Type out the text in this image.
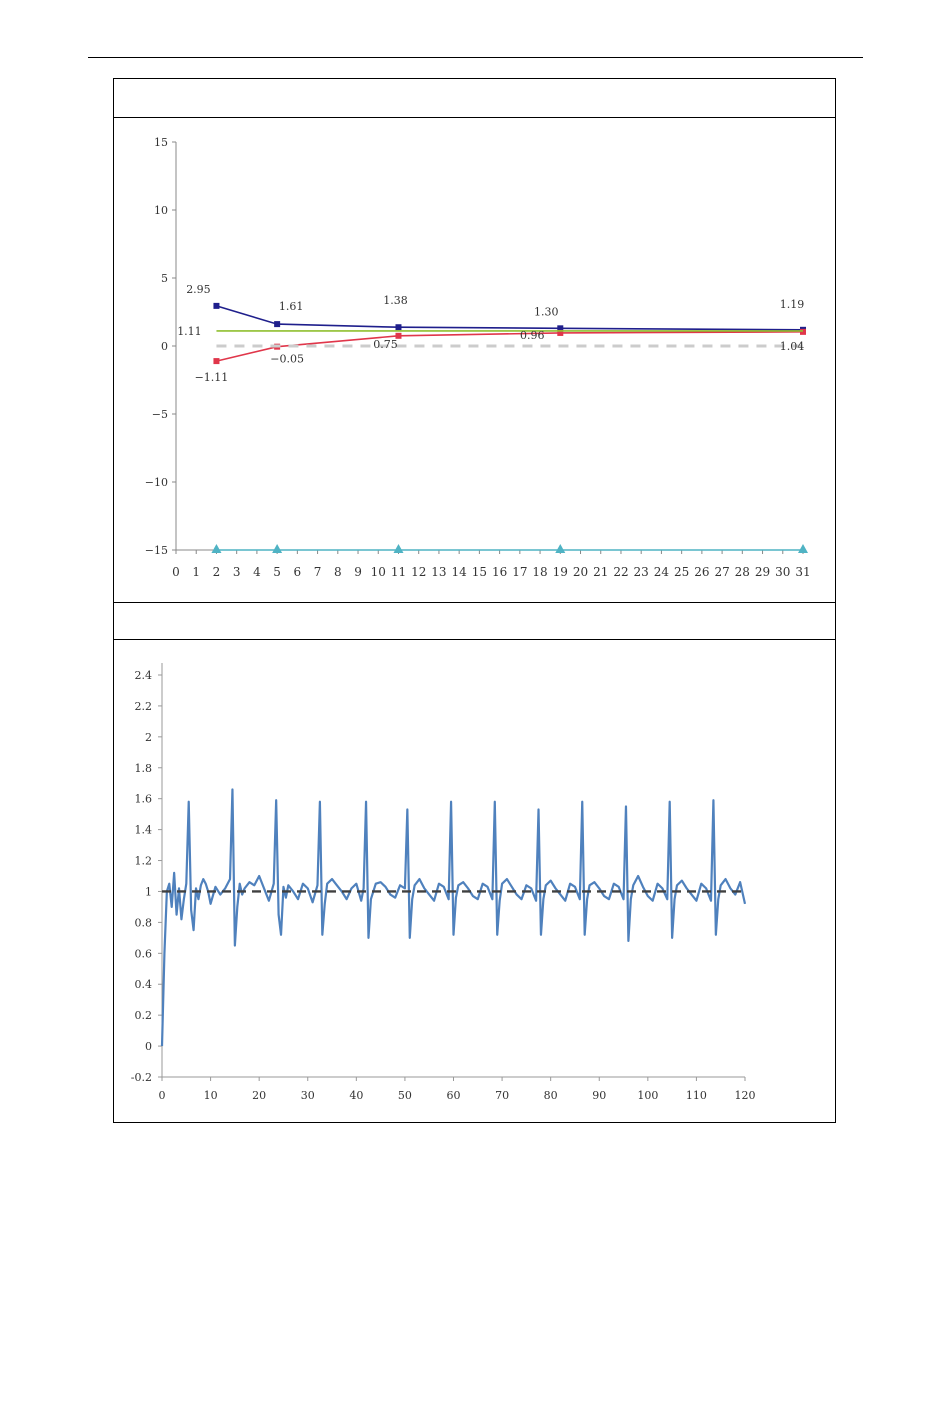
15
10
5
0
−5
−10
−15
0 1 2 3 4 5 6 7 8 9 10 11 12 13 14 15 16 17 18 19 20 21 22 23 24 25 26 27 28 29 30 31
2.95
1.61	1.38
1.30
1.19
1.11
−1.11
−0.05
0.75
0.96
1.04
2.4
2.2
2
1.8
1.6
1.4
1.2
1
0.8
0.6
0.4
0.2
0
-0.2
0	10	20	30	40	50	60	70	80	90	100	110	120
